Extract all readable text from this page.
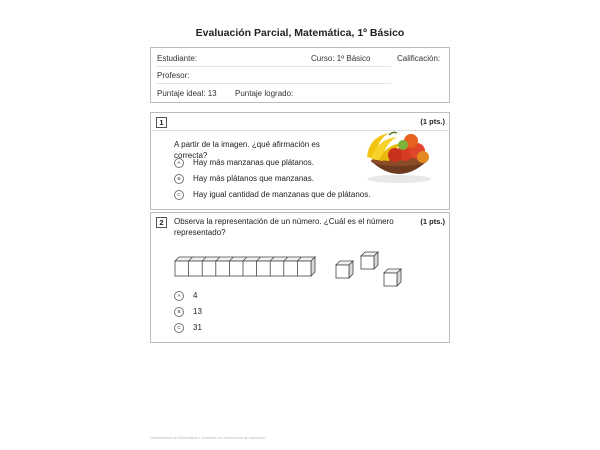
Evaluación Parcial, Matemática, 1º Básico
Estudiante:	Curso: 1º Básico	Calificación:
Profesor:
Puntaje ideal: 13 Puntaje logrado:
1	(1 pts.)
A partir de la imagen. ¿qué afirmación es correcta?
A	Hay más manzanas que plátanos.
B	Hay más plátanos que manzanas.
C	Hay igual cantidad de manzanas que de plátanos.
2	(1 pts.)
Observa la representación de un número. ¿Cuál es el número representado?
A	4
B	13
C	31
Departamento de Matemáticas • Generado con herramienta de evaluación
